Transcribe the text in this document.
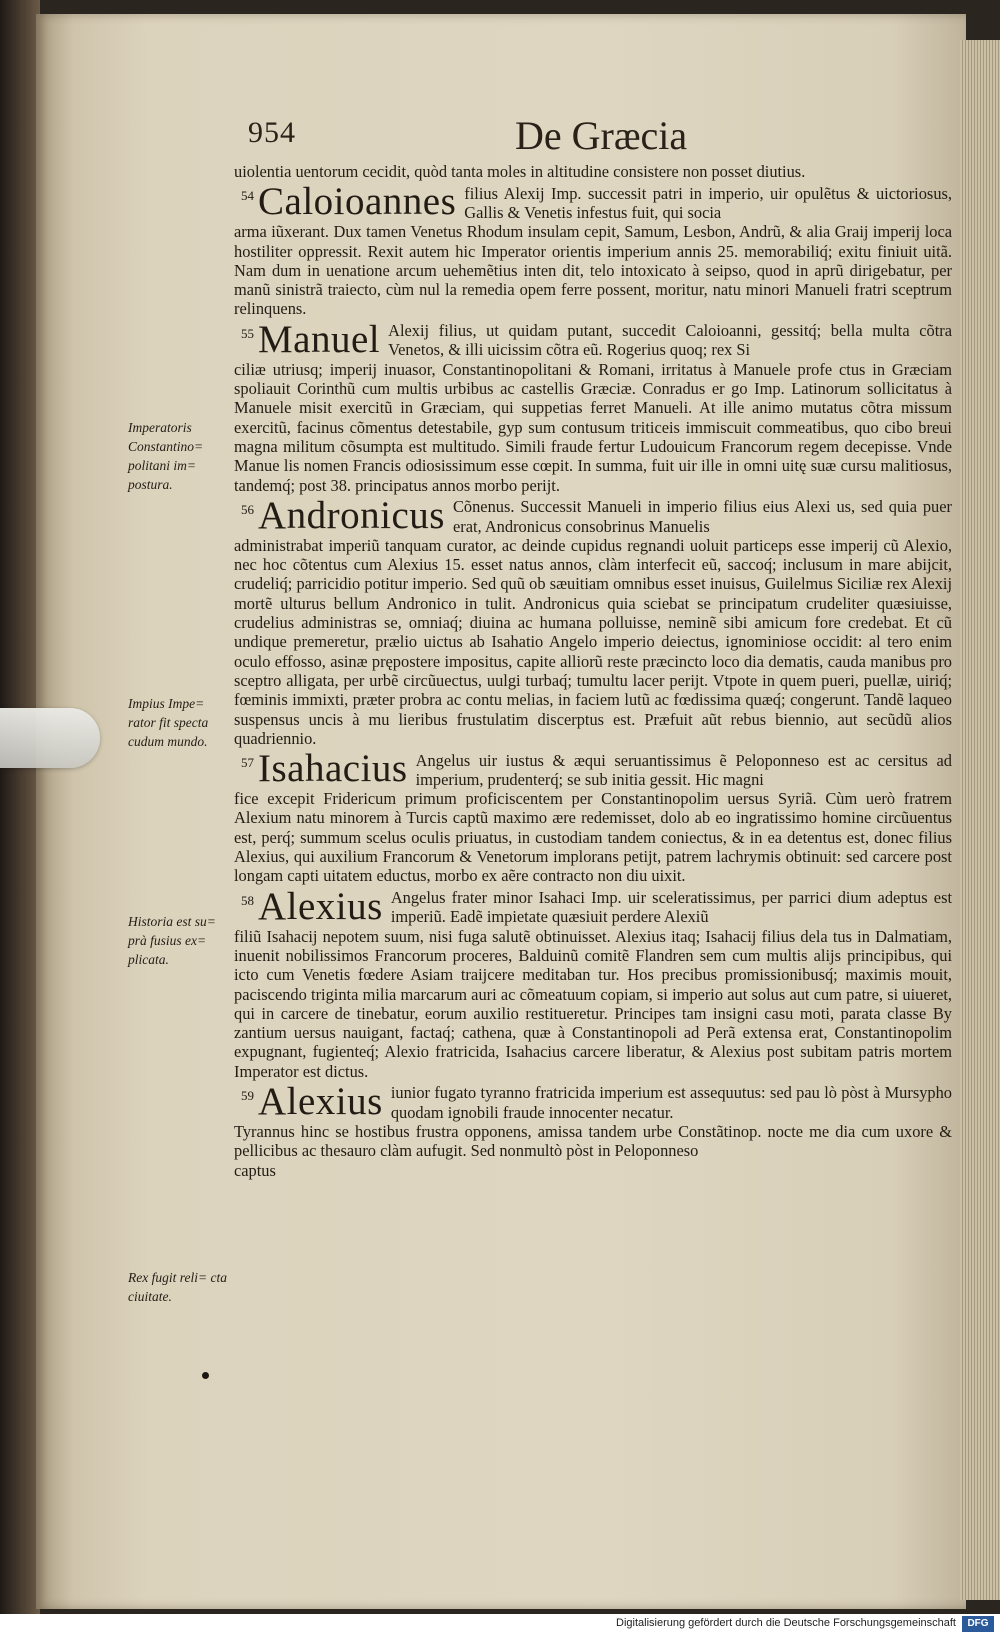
954	De Græcia

uiolentia uentorum cecidit, quòd tanta moles in altitudine consistere non posset diutius.

54 Caloioannes filius Alexij Imp. successit patri in imperio, uir opulẽtus & uictoriosus, Gallis & Venetis infestus fuit, qui socia

arma iũxerant. Dux tamen Venetus Rhodum insulam cepit, Samum, Lesbon, Andrũ, & alia Graij imperij loca hostiliter oppressit. Rexit autem hic Imperator orientis imperium annis 25. memorabiliq́; exitu finiuit uitã. Nam dum in uenatione arcum uehemẽtius inten dit, telo intoxicato à seipso, quod in aprũ dirigebatur, per manũ sinistrã traiecto, cùm nul la remedia opem ferre possent, moritur, natu minori Manueli fratri sceptrum relinquens.

55 Manuel Alexij filius, ut quidam putant, succedit Caloioanni, gessitq́; bella multa cõtra Venetos, & illi uicissim cõtra eũ. Rogerius quoq; rex Si

ciliæ utriusq; imperij inuasor, Constantinopolitani & Romani, irritatus à Manuele profe ctus in Græciam spoliauit Corinthũ cum multis urbibus ac castellis Græciæ. Conradus er go Imp. Latinorum sollicitatus à Manuele misit exercitũ in Græciam, qui suppetias ferret Manueli. At ille animo mutatus cõtra missum exercitũ, facinus cõmentus detestabile, gyp sum contusum triticeis immiscuit commeatibus, quo cibo breui magna militum cõsumpta est multitudo. Simili fraude fertur Ludouicum Francorum regem decepisse. Vnde Manue lis nomen Francis odiosissimum esse cœpit. In summa, fuit uir ille in omni uitę suæ cursu malitiosus, tandemq́; post 38. principatus annos morbo perijt.

56 Andronicus Cõnenus. Successit Manueli in imperio filius eius Alexi us, sed quia puer erat, Andronicus consobrinus Manuelis

administrabat imperiũ tanquam curator, ac deinde cupidus regnandi uoluit particeps esse imperij cũ Alexio, nec hoc cõtentus cum Alexius 15. esset natus annos, clàm interfecit eũ, saccoq́; inclusum in mare abijcit, crudeliq́; parricidio potitur imperio. Sed quũ ob sæuitiam omnibus esset inuisus, Guilelmus Siciliæ rex Alexij mortẽ ulturus bellum Andronico in tulit. Andronicus quia sciebat se principatum crudeliter quæsiuisse, crudelius administras se, omniaq́; diuina ac humana polluisse, neminẽ sibi amicum fore credebat. Et cũ undique premeretur, prælio uictus ab Isahatio Angelo imperio deiectus, ignominiose occidit: al tero enim oculo effosso, asinæ prępostere impositus, capite alliorũ reste præcincto loco dia dematis, cauda manibus pro sceptro alligata, per urbẽ circũuectus, uulgi turbaq́; tumultu lacer perijt. Vtpote in quem pueri, puellæ, uiriq́; fœminis immixti, præter probra ac contu melias, in faciem lutũ ac fœdissima quæq́; congerunt. Tandẽ laqueo suspensus uncis à mu lieribus frustulatim discerptus est. Præfuit aũt rebus biennio, aut secũdũ alios quadriennio.

57 Isahacius Angelus uir iustus & æqui seruantissimus ẽ Peloponneso est ac cersitus ad imperium, prudenterq́; se sub initia gessit. Hic magni

fice excepit Fridericum primum proficiscentem per Constantinopolim uersus Syriã. Cùm uerò fratrem Alexium natu minorem à Turcis captũ maximo ære redemisset, dolo ab eo ingratissimo homine circũuentus est, perq́; summum scelus oculis priuatus, in custodiam tandem coniectus, & in ea detentus est, donec filius Alexius, qui auxilium Francorum & Venetorum implorans petijt, patrem lachrymis obtinuit: sed carcere post longam capti uitatem eductus, morbo ex aẽre contracto non diu uixit.

58 Alexius Angelus frater minor Isahaci Imp. uir sceleratissimus, per parrici dium adeptus est imperiũ. Eadẽ impietate quæsiuit perdere Alexiũ

filiũ Isahacij nepotem suum, nisi fuga salutẽ obtinuisset. Alexius itaq; Isahacij filius dela tus in Dalmatiam, inuenit nobilissimos Francorum proceres, Balduinũ comitẽ Flandren sem cum multis alijs principibus, qui icto cum Venetis fœdere Asiam traijcere meditaban tur. Hos precibus promissionibusq́; maximis mouit, paciscendo triginta milia marcarum auri ac cõmeatuum copiam, si imperio aut solus aut cum patre, si uiueret, qui in carcere de tinebatur, eorum auxilio restitueretur. Principes tam insigni casu moti, parata classe By zantium uersus nauigant, factaq́; cathena, quæ à Constantinopoli ad Perã extensa erat, Constantinopolim expugnant, fugienteq́; Alexio fratricida, Isahacius carcere liberatur, & Alexius post subitam patris mortem Imperator est dictus.

59 Alexius iunior fugato tyranno fratricida imperium est assequutus: sed pau lò pòst à Mursypho quodam ignobili fraude innocenter necatur.

Tyrannus hinc se hostibus frustra opponens, amissa tandem urbe Constãtinop. nocte me dia cum uxore & pellicibus ac thesauro clàm aufugit. Sed nonmultò pòst in Peloponneso

captus

Imperatoris Constantino= politani im= postura.
Impius Impe= rator fit specta cudum mundo.
Historia est su= prà fusius ex= plicata.
Rex fugit reli= cta ciuitate.
Digitalisierung gefördert durch die Deutsche Forschungsgemeinschaft	DFG
